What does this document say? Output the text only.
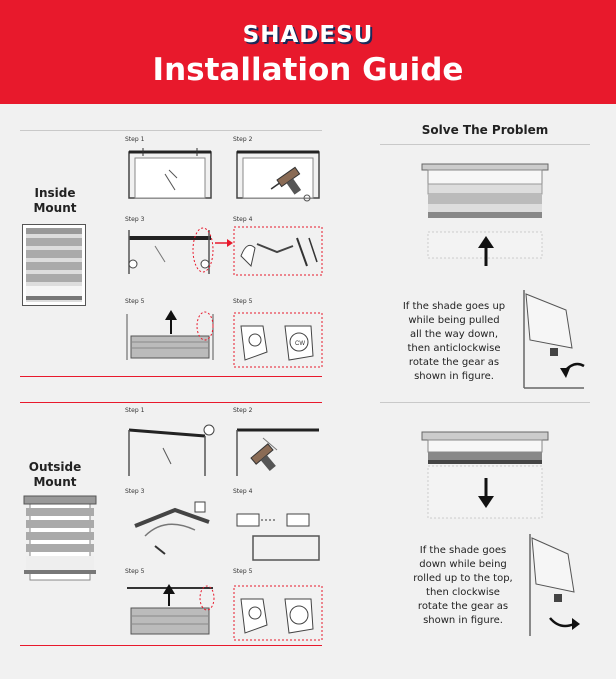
SHADESU
Installation Guide
Inside
Mount
Step 1	Step 2
Step 3	Step 4
Step 5	Step 5
CW
Outside
Mount
Step 1	Step 2
Step 3	Step 4
Step 5	Step 5
Solve The Problem
If the shade goes up
while being pulled
all the way down,
then anticlockwise
rotate the gear as
shown in figure.
If the shade goes
down while being
rolled up to the top,
then clockwise
rotate the gear as
shown in figure.
